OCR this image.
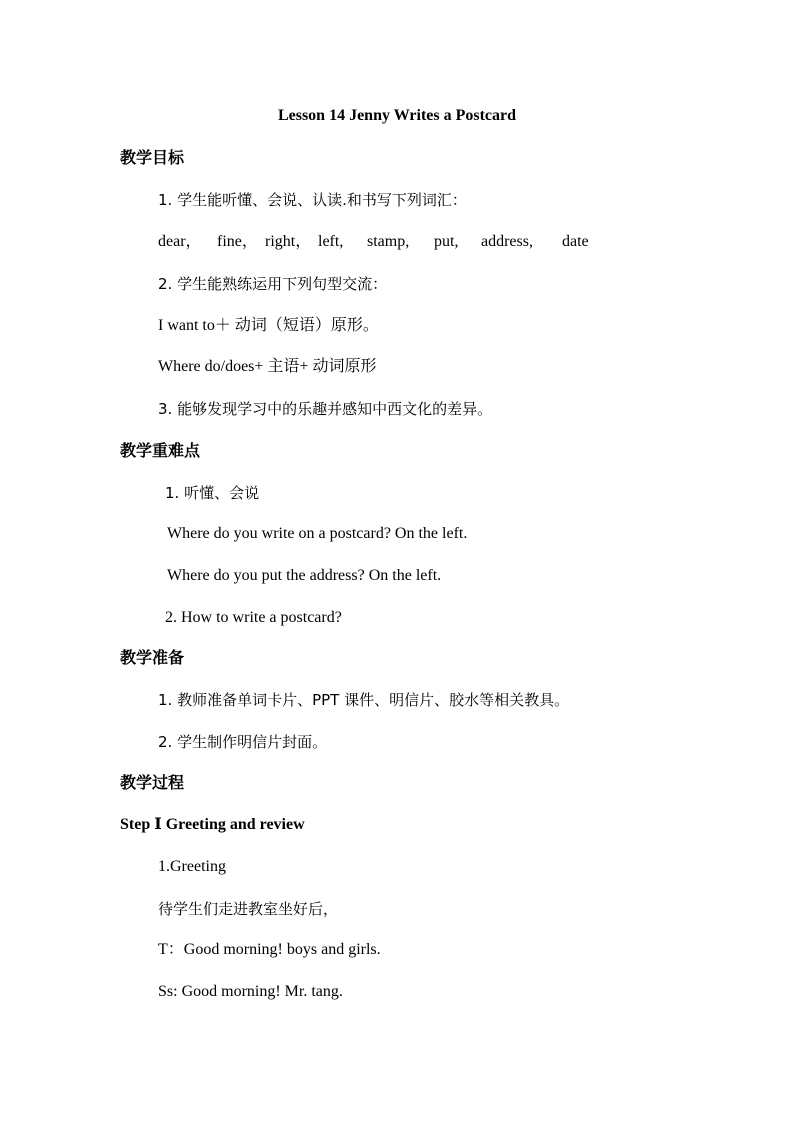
Lesson 14 Jenny Writes a Postcard
教学目标
1. 学生能听懂、会说、认读.和书写下列词汇：
dear， fine， right， left, stamp, put, address, date
2. 学生能熟练运用下列句型交流：
I want to＋ 动词（短语）原形。
Where do/does+ 主语+ 动词原形
3. 能够发现学习中的乐趣并感知中西文化的差异。
教学重难点
1. 听懂、会说
Where do you write on a postcard? On the left.
Where do you put the address? On the left.
2. How to write a postcard?
教学准备
1. 教师准备单词卡片、PPT 课件、明信片、胶水等相关教具。
2. 学生制作明信片封面。
教学过程
Step Ⅰ Greeting and review
1.Greeting
待学生们走进教室坐好后，
T：Good morning! boys and girls.
Ss: Good morning! Mr. tang.
